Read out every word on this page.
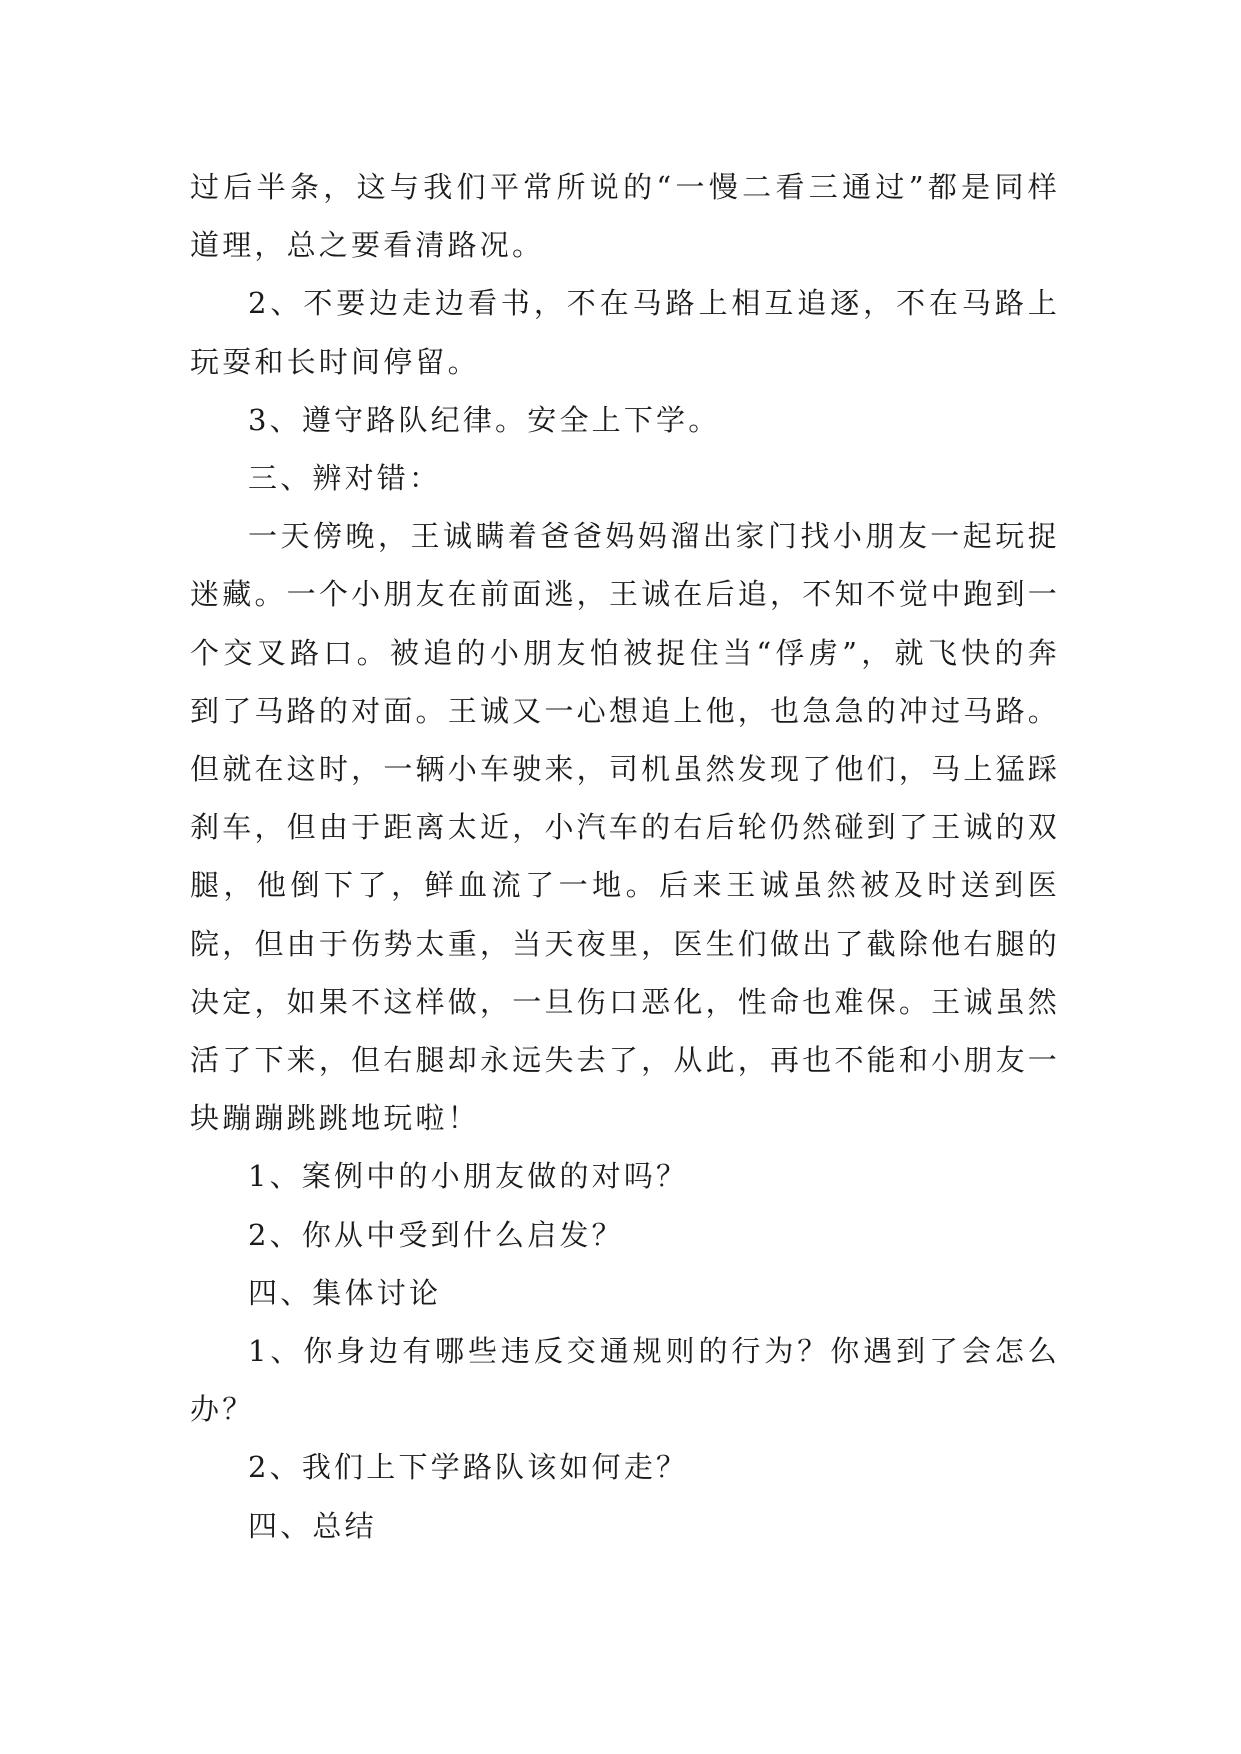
过后半条，这与我们平常所说的“一慢二看三通过”都是同样道理，总之要看清路况。

2、不要边走边看书，不在马路上相互追逐，不在马路上玩耍和长时间停留。

3、遵守路队纪律。安全上下学。

三、辨对错：

一天傍晚，王诚瞒着爸爸妈妈溜出家门找小朋友一起玩捉迷藏。一个小朋友在前面逃，王诚在后追，不知不觉中跑到一个交叉路口。被追的小朋友怕被捉住当“俘虏”，就飞快的奔到了马路的对面。王诚又一心想追上他，也急急的冲过马路。但就在这时，一辆小车驶来，司机虽然发现了他们，马上猛踩刹车，但由于距离太近，小汽车的右后轮仍然碰到了王诚的双腿，他倒下了，鲜血流了一地。后来王诚虽然被及时送到医院，但由于伤势太重，当天夜里，医生们做出了截除他右腿的决定，如果不这样做，一旦伤口恶化，性命也难保。王诚虽然活了下来，但右腿却永远失去了，从此，再也不能和小朋友一块蹦蹦跳跳地玩啦！

1、案例中的小朋友做的对吗？

2、你从中受到什么启发？

四、集体讨论

1、你身边有哪些违反交通规则的行为？你遇到了会怎么办？

2、我们上下学路队该如何走？

四、总结
